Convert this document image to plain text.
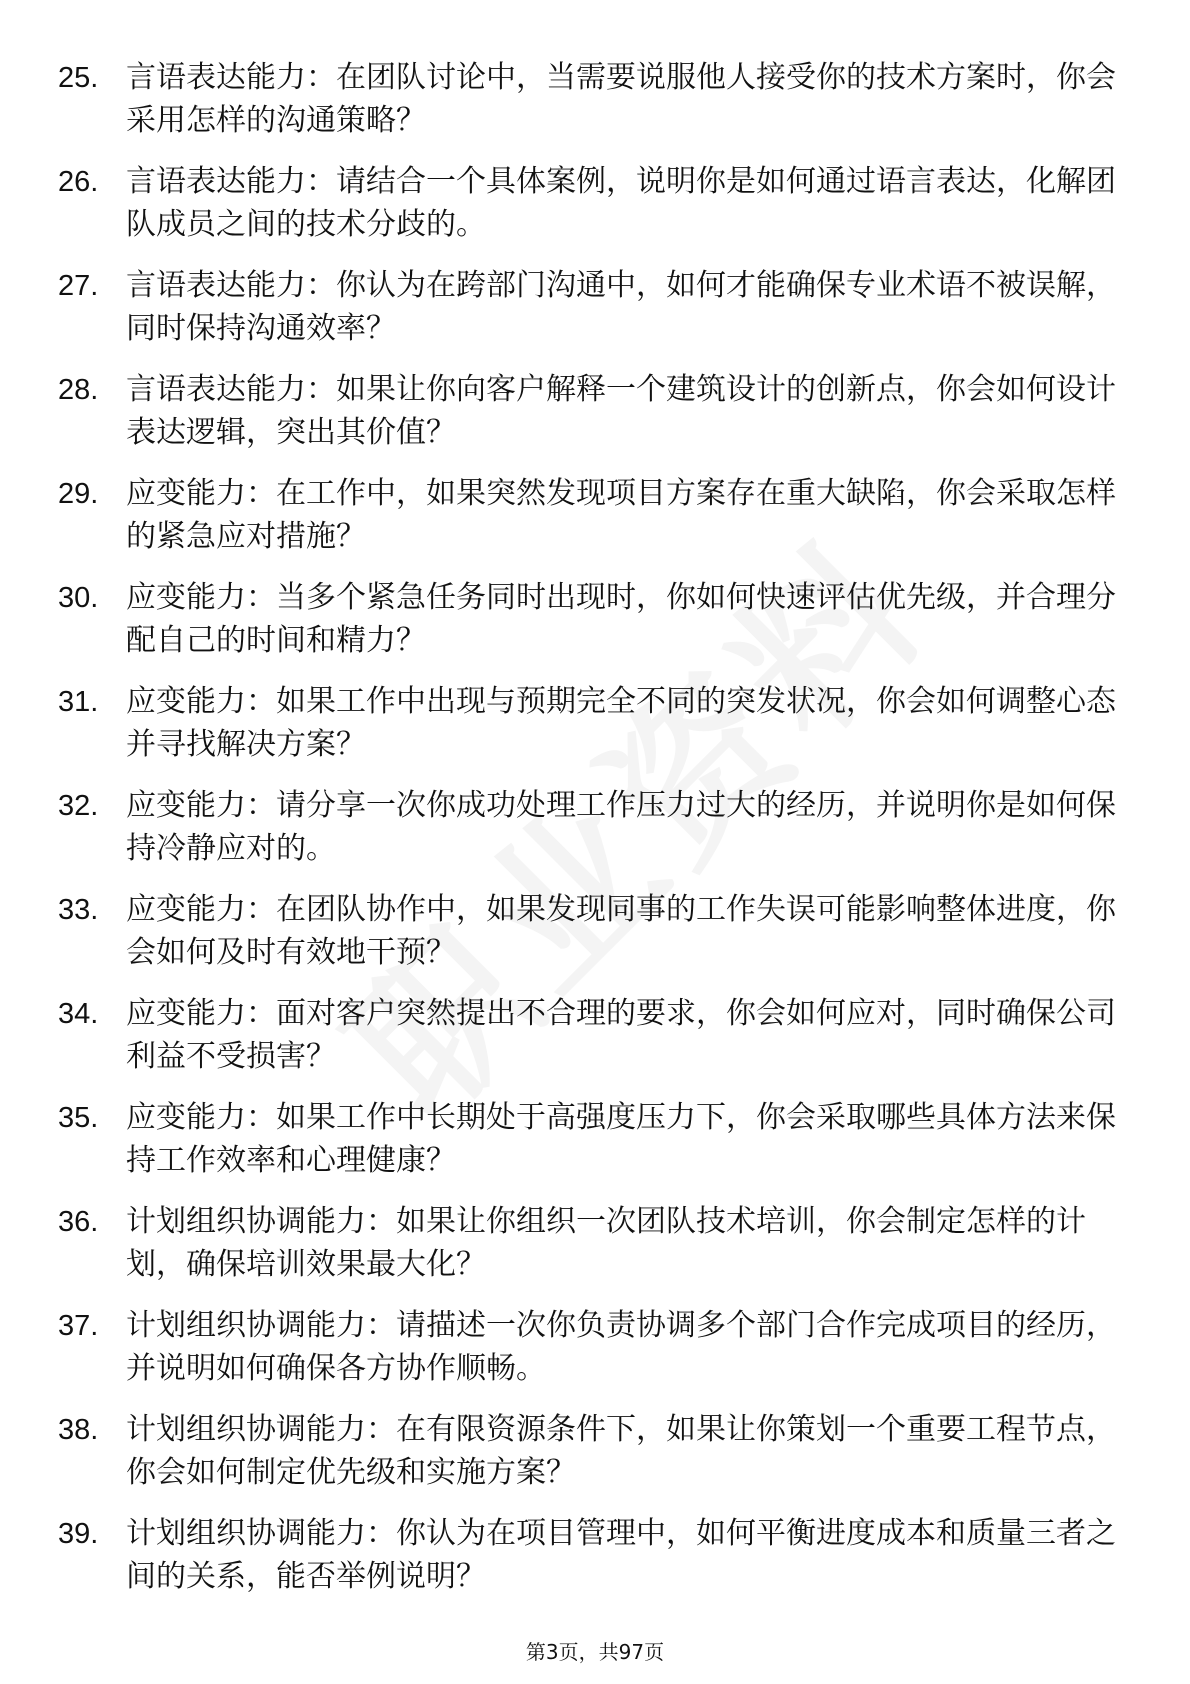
25. 言语表达能力：在团队讨论中，当需要说服他人接受你的技术方案时，你会采用怎样的沟通策略？
26. 言语表达能力：请结合一个具体案例，说明你是如何通过语言表达，化解团队成员之间的技术分歧的。
27. 言语表达能力：你认为在跨部门沟通中，如何才能确保专业术语不被误解，同时保持沟通效率？
28. 言语表达能力：如果让你向客户解释一个建筑设计的创新点，你会如何设计表达逻辑，突出其价值？
29. 应变能力：在工作中，如果突然发现项目方案存在重大缺陷，你会采取怎样的紧急应对措施？
30. 应变能力：当多个紧急任务同时出现时，你如何快速评估优先级，并合理分配自己的时间和精力？
31. 应变能力：如果工作中出现与预期完全不同的突发状况，你会如何调整心态并寻找解决方案？
32. 应变能力：请分享一次你成功处理工作压力过大的经历，并说明你是如何保持冷静应对的。
33. 应变能力：在团队协作中，如果发现同事的工作失误可能影响整体进度，你会如何及时有效地干预？
34. 应变能力：面对客户突然提出不合理的要求，你会如何应对，同时确保公司利益不受损害？
35. 应变能力：如果工作中长期处于高强度压力下，你会采取哪些具体方法来保持工作效率和心理健康？
36. 计划组织协调能力：如果让你组织一次团队技术培训，你会制定怎样的计划，确保培训效果最大化？
37. 计划组织协调能力：请描述一次你负责协调多个部门合作完成项目的经历，并说明如何确保各方协作顺畅。
38. 计划组织协调能力：在有限资源条件下，如果让你策划一个重要工程节点，你会如何制定优先级和实施方案？
39. 计划组织协调能力：你认为在项目管理中，如何平衡进度成本和质量三者之间的关系，能否举例说明？
第3页，共97页
